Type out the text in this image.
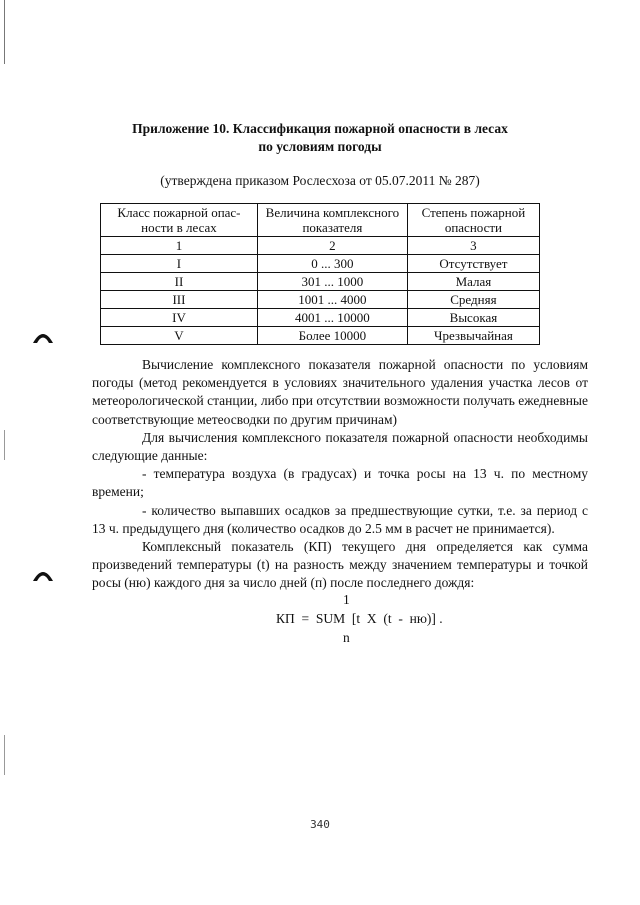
Приложение 10. Классификация пожарной опасности в лесах
по условиям погоды
(утверждена приказом Рослесхоза от 05.07.2011 № 287)
Класс пожарной опас-ности в лесах	Величина комплексного показателя	Степень пожарной опасности
1	2	3
I	0 ... 300	Отсутствует
II	301 ... 1000	Малая
III	1001 ... 4000	Средняя
IV	4001 ... 10000	Высокая
V	Более 10000	Чрезвычайная

Вычисление комплексного показателя пожарной опасности по условиям погоды (метод рекомендуется в условиях значительного удаления участка лесов от метеорологической станции, либо при отсутствии возможности получать ежедневные соответствующие метеосводки по другим причинам)

Для вычисления комплексного показателя пожарной опасности необходимы следующие данные:

- температура воздуха (в градусах) и точка росы на 13 ч. по местному времени;

- количество выпавших осадков за предшествующие сутки, т.е. за период с 13 ч. предыдущего дня (количество осадков до 2.5 мм в расчет не принимается).

Комплексный показатель (КП) текущего дня определяется как сумма произведений температуры (t) на разность между значением температуры и точкой росы (ню) каждого дня за число дней (п) после последнего дождя:

1
КП  =  SUM  [t  X  (t  -  ню)] .
n
340
